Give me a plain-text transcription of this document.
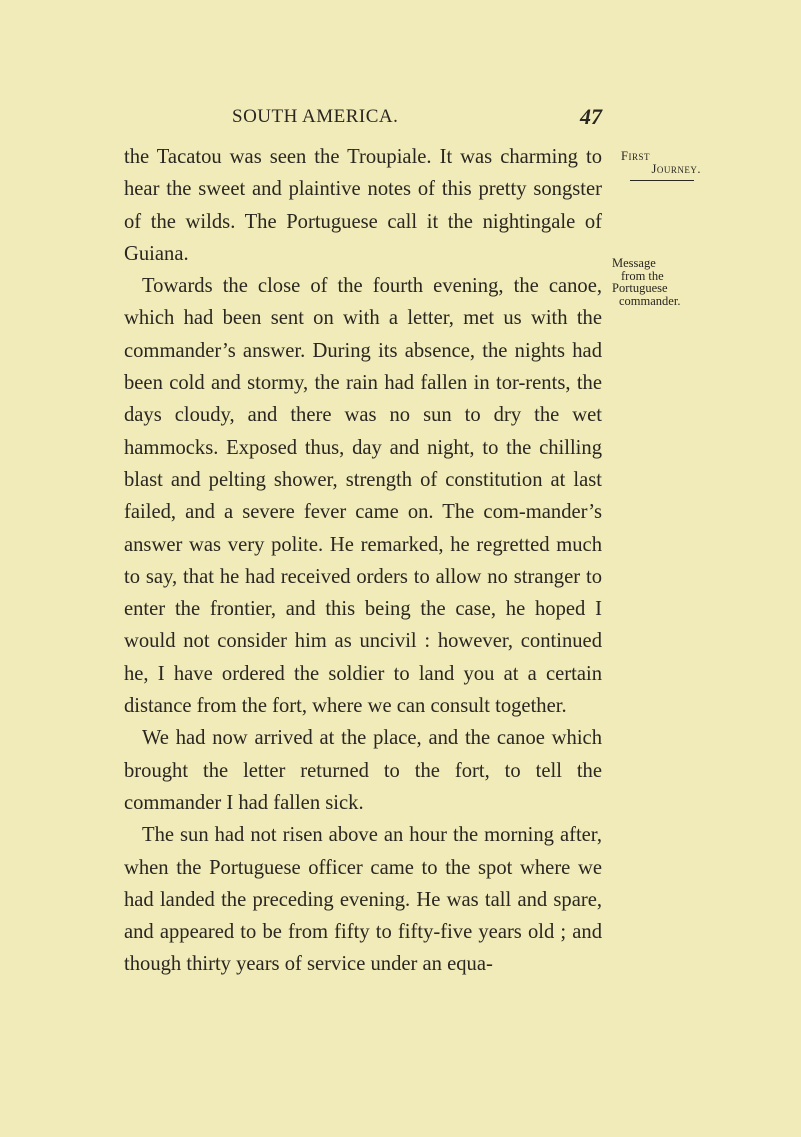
SOUTH AMERICA.	47
First
Journey.
Message
from the
Portuguese
commander.

the Tacatou was seen the Troupiale. It was charming to hear the sweet and plaintive notes of this pretty songster of the wilds. The Portuguese call it the nightingale of Guiana.

Towards the close of the fourth evening, the canoe, which had been sent on with a letter, met us with the commander’s answer. During its absence, the nights had been cold and stormy, the rain had fallen in tor-rents, the days cloudy, and there was no sun to dry the wet hammocks. Exposed thus, day and night, to the chilling blast and pelting shower, strength of constitution at last failed, and a severe fever came on. The com-mander’s answer was very polite. He remarked, he regretted much to say, that he had received orders to allow no stranger to enter the frontier, and this being the case, he hoped I would not consider him as uncivil : however, continued he, I have ordered the soldier to land you at a certain distance from the fort, where we can consult together.

We had now arrived at the place, and the canoe which brought the letter returned to the fort, to tell the commander I had fallen sick.

The sun had not risen above an hour the morning after, when the Portuguese officer came to the spot where we had landed the preceding evening. He was tall and spare, and appeared to be from fifty to fifty-five years old ; and though thirty years of service under an equa-
